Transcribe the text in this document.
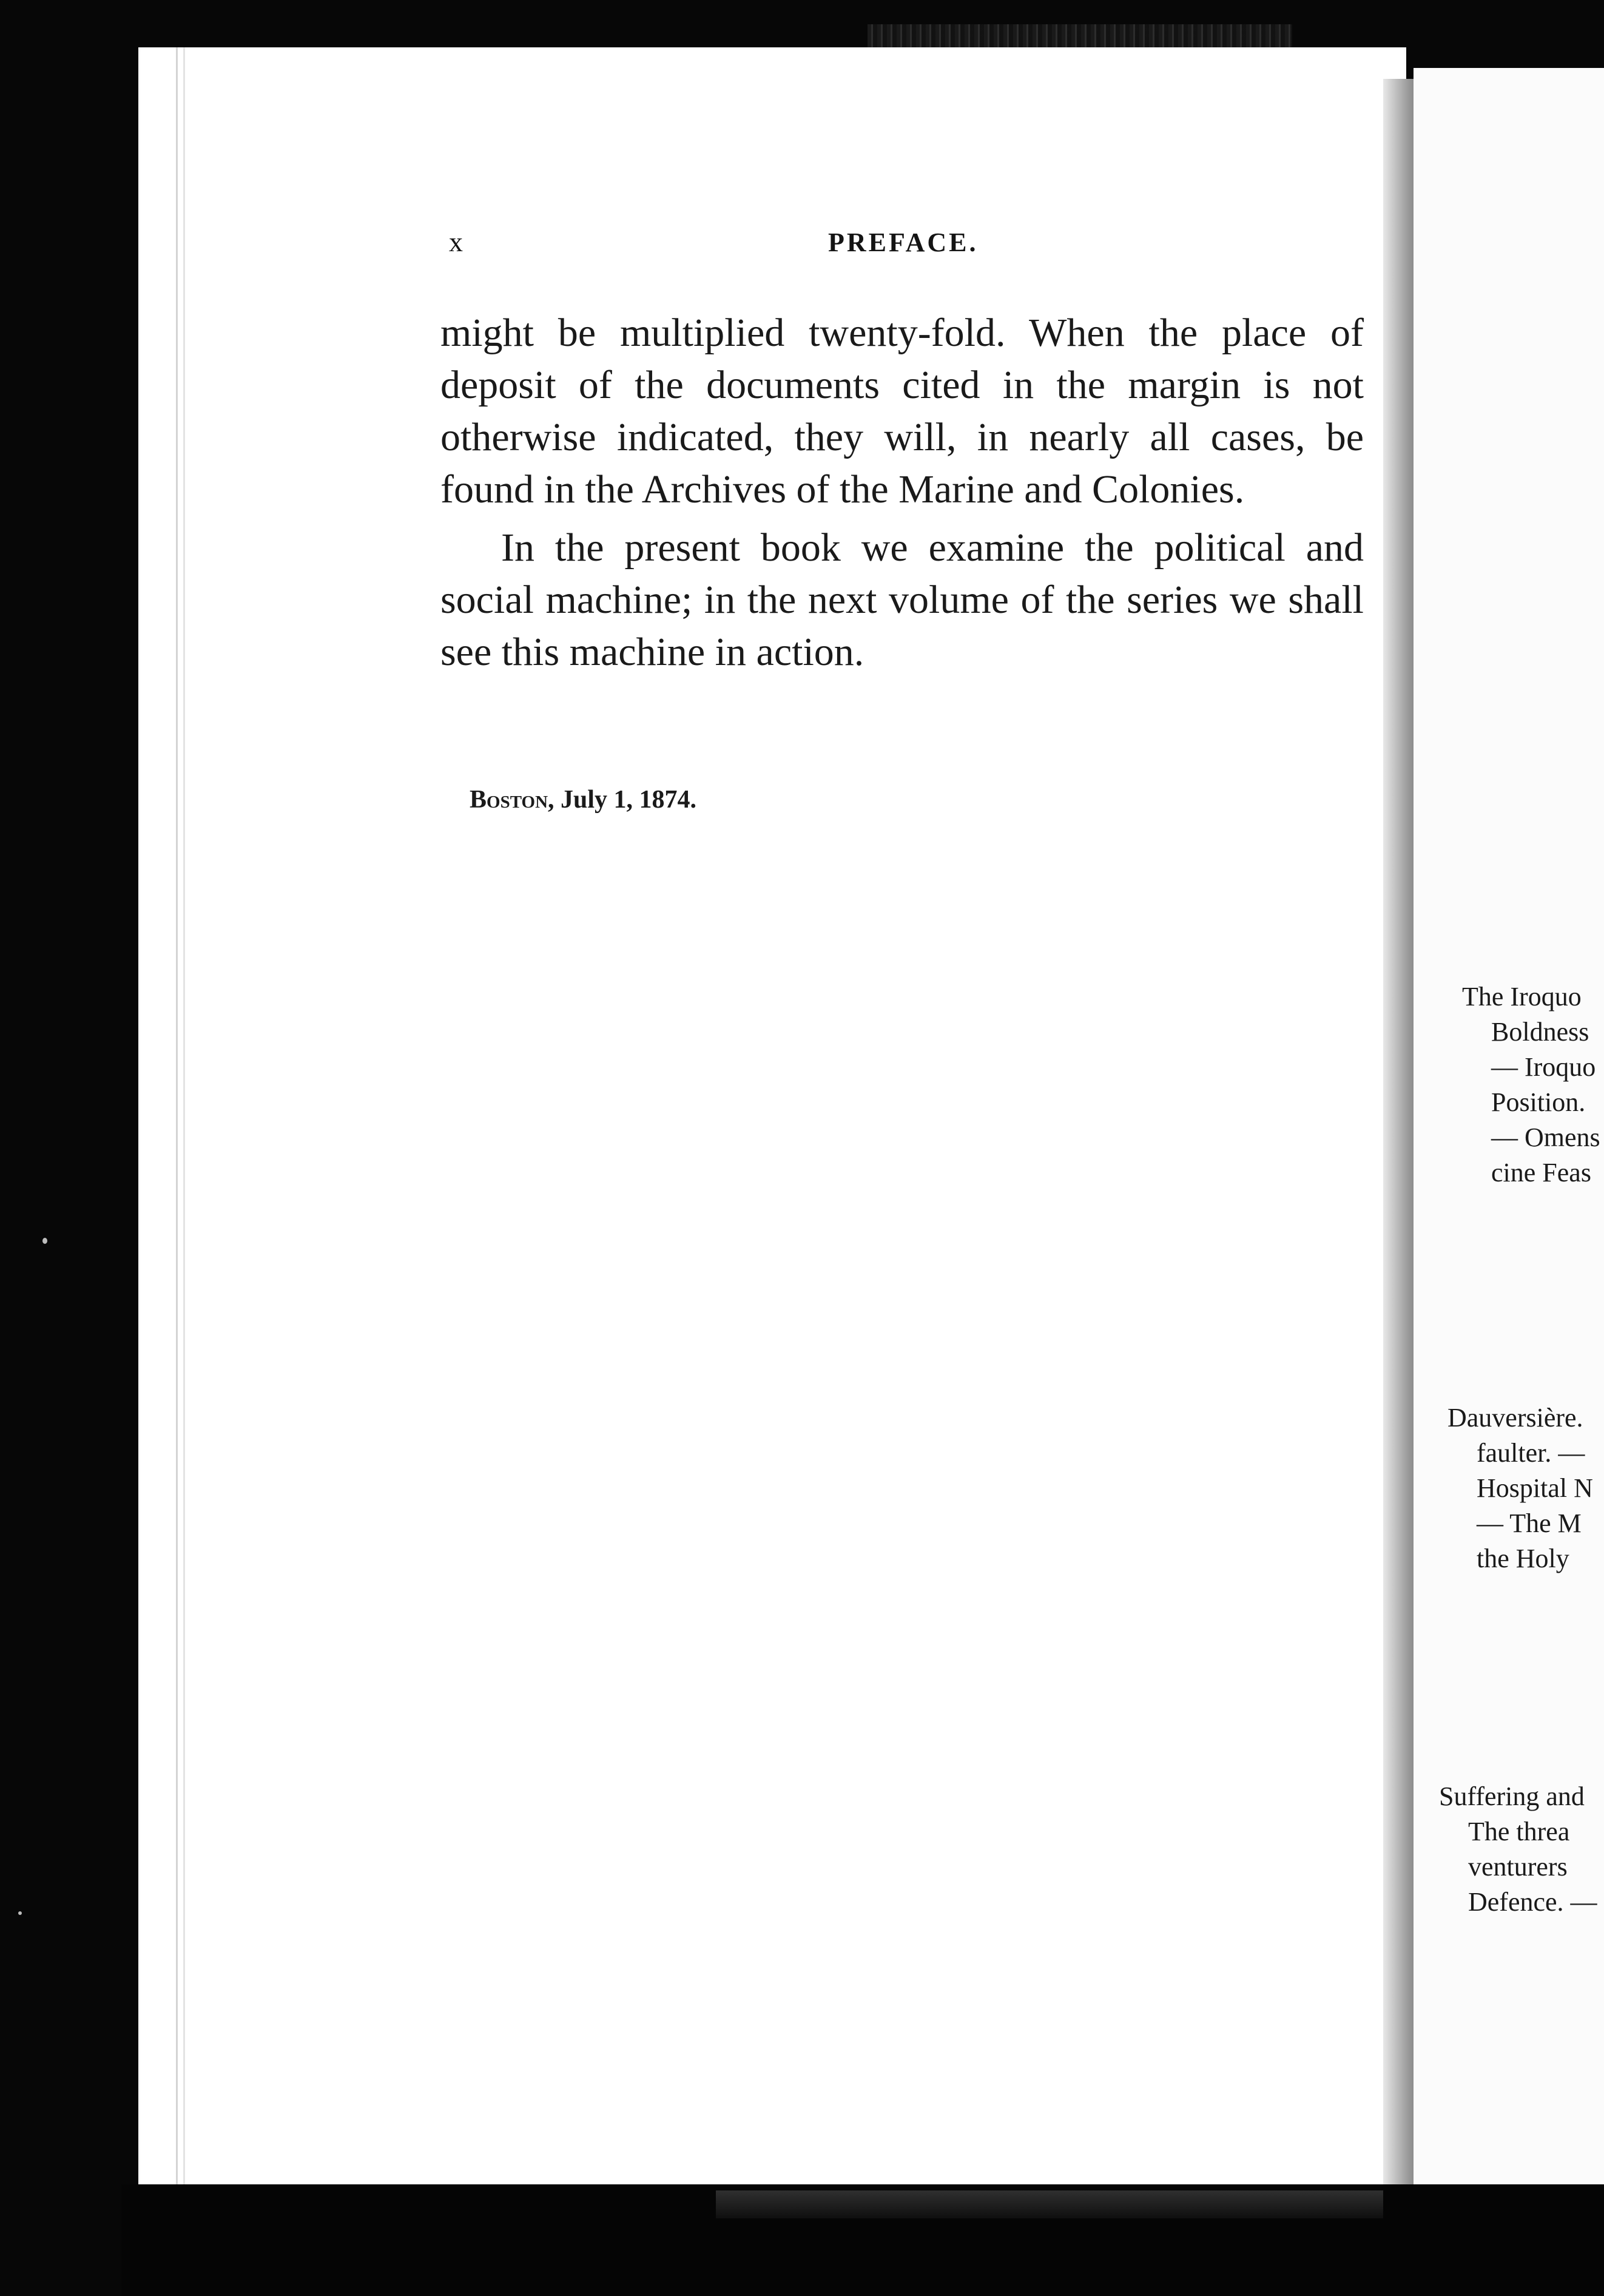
The Iroquo
Boldness
— Iroquo
Position.
— Omens
cine Feas
Dauversière.
faulter. —
Hospital N
— The M
the Holy
Suffering and
The threa
venturers
Defence. —
x	PREFACE.

might be multiplied twenty-fold. When the place of deposit of the documents cited in the margin is not otherwise indicated, they will, in nearly all cases, be found in the Archives of the Marine and Colonies.

In the present book we examine the political and social machine; in the next volume of the series we shall see this machine in action.

Boston, July 1, 1874.
